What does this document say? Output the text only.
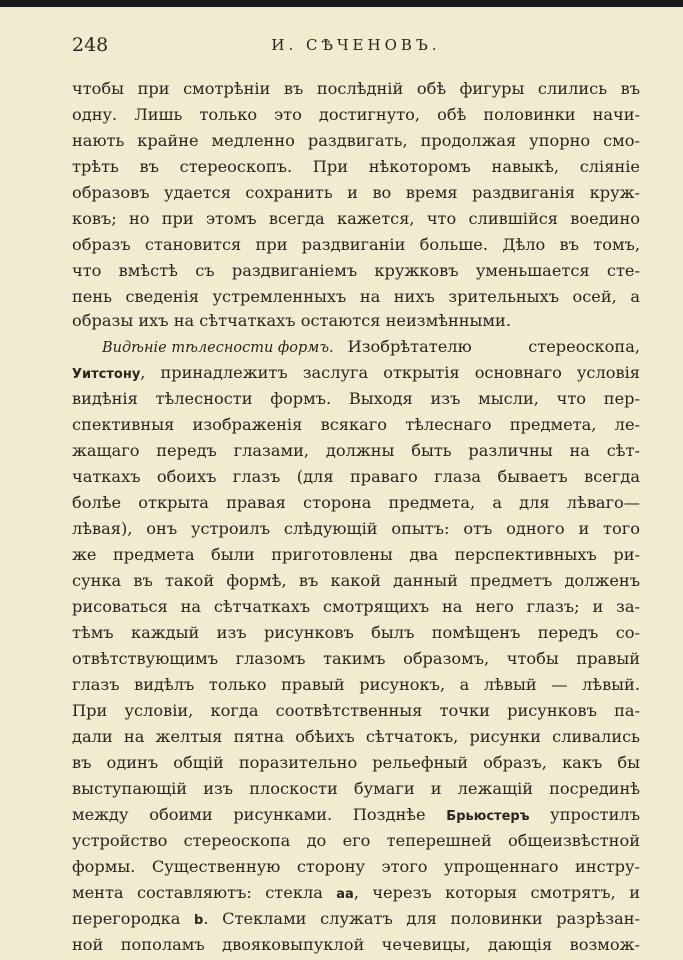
248	И. СѢЧЕНОВЪ.
чтобы при смотрѣніи въ послѣдній обѣ фигуры слились въ
одну. Лишь только это достигнуто, обѣ половинки начи-
нають крайне медленно раздвигать, продолжая упорно смо-
трѣть въ стереоскопъ. При нѣкоторомъ навыкѣ, сліяніе
образовъ удается сохранить и во время раздвиганія круж-
ковъ; но при этомъ всегда кажется, что слившійся воедино
образъ становится при раздвиганіи больше. Дѣло въ томъ,
что вмѣстѣ съ раздвиганіемъ кружковъ уменьшается сте-
пень сведенія устремленныхъ на нихъ зрительныхъ осей, а
образы ихъ на сѣтчаткахъ остаются неизмѣнными.
Видѣніе тѣлесности формъ. Изобрѣтателю стереоскопа,
Уитстону, принадлежитъ заслуга открытія основнаго условія
видѣнія тѣлесности формъ. Выходя изъ мысли, что пер-
спективныя изображенія всякаго тѣлеснаго предмета, ле-
жащаго передъ глазами, должны быть различны на сѣт-
чаткахъ обоихъ глазъ (для праваго глаза бываетъ всегда
болѣе открыта правая сторона предмета, а для лѣваго—
лѣвая), онъ устроилъ слѣдующій опытъ: отъ одного и того
же предмета были приготовлены два перспективныхъ ри-
сунка въ такой формѣ, въ какой данный предметъ долженъ
рисоваться на сѣтчаткахъ смотрящихъ на него глазъ; и за-
тѣмъ каждый изъ рисунковъ былъ помѣщенъ передъ со-
отвѣтствующимъ глазомъ такимъ образомъ, чтобы правый
глазъ видѣлъ только правый рисунокъ, а лѣвый — лѣвый.
При условіи, когда соотвѣтственныя точки рисунковъ па-
дали на желтыя пятна обѣихъ сѣтчатокъ, рисунки сливались
въ одинъ общій поразительно рельефный образъ, какъ бы
выступающій изъ плоскости бумаги и лежащій посрединѣ
между обоими рисунками. Позднѣе Брьюстеръ упростилъ
устройство стереоскопа до его теперешней общеизвѣстной
формы. Существенную сторону этого упрощеннаго инстру-
мента составляютъ: стекла aa, черезъ которыя смотрятъ, и
перегородка b. Стеклами служатъ для половинки разрѣзан-
ной пополамъ двояковыпуклой чечевицы, дающія возмож-
